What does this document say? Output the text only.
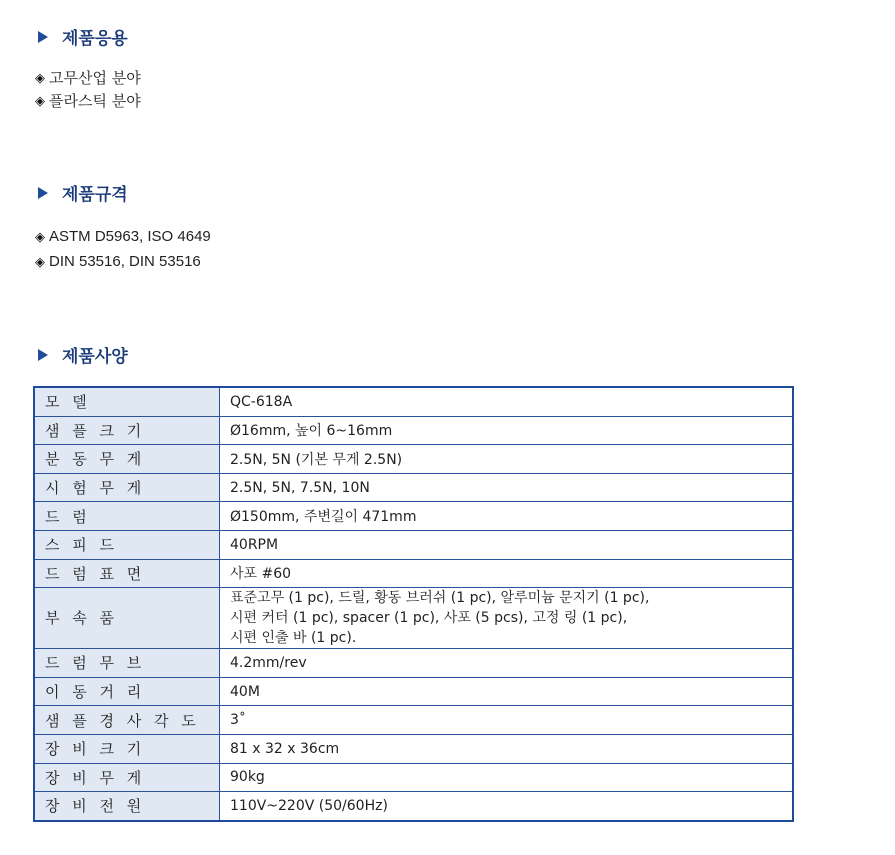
제품응용
◈ 고무산업 분야
◈ 플라스틱 분야
제품규격
◈ ASTM D5963, ISO 4649
◈ DIN 53516, DIN 53516
제품사양
모 델	QC-618A
샘 플 크 기	Ø16mm, 높이 6~16mm
분 동 무 게	2.5N, 5N (기본 무게 2.5N)
시 험 무 게	2.5N, 5N, 7.5N, 10N
드 럼	Ø150mm, 주변길이 471mm
스 피 드	40RPM
드 럼 표 면	사포 #60
부 속 품	표준고무 (1 pc), 드릴, 황동 브러쉬 (1 pc), 알루미늄 문지기 (1 pc),
시편 커터 (1 pc), spacer (1 pc), 사포 (5 pcs), 고정 링 (1 pc),
시편 인출 바 (1 pc).

드 럼 무 브	4.2mm/rev
이 동 거 리	40M
샘 플 경 사 각 도	3˚
장 비 크 기	81 x 32 x 36cm
장 비 무 게	90kg
장 비 전 원	110V~220V (50/60Hz)
